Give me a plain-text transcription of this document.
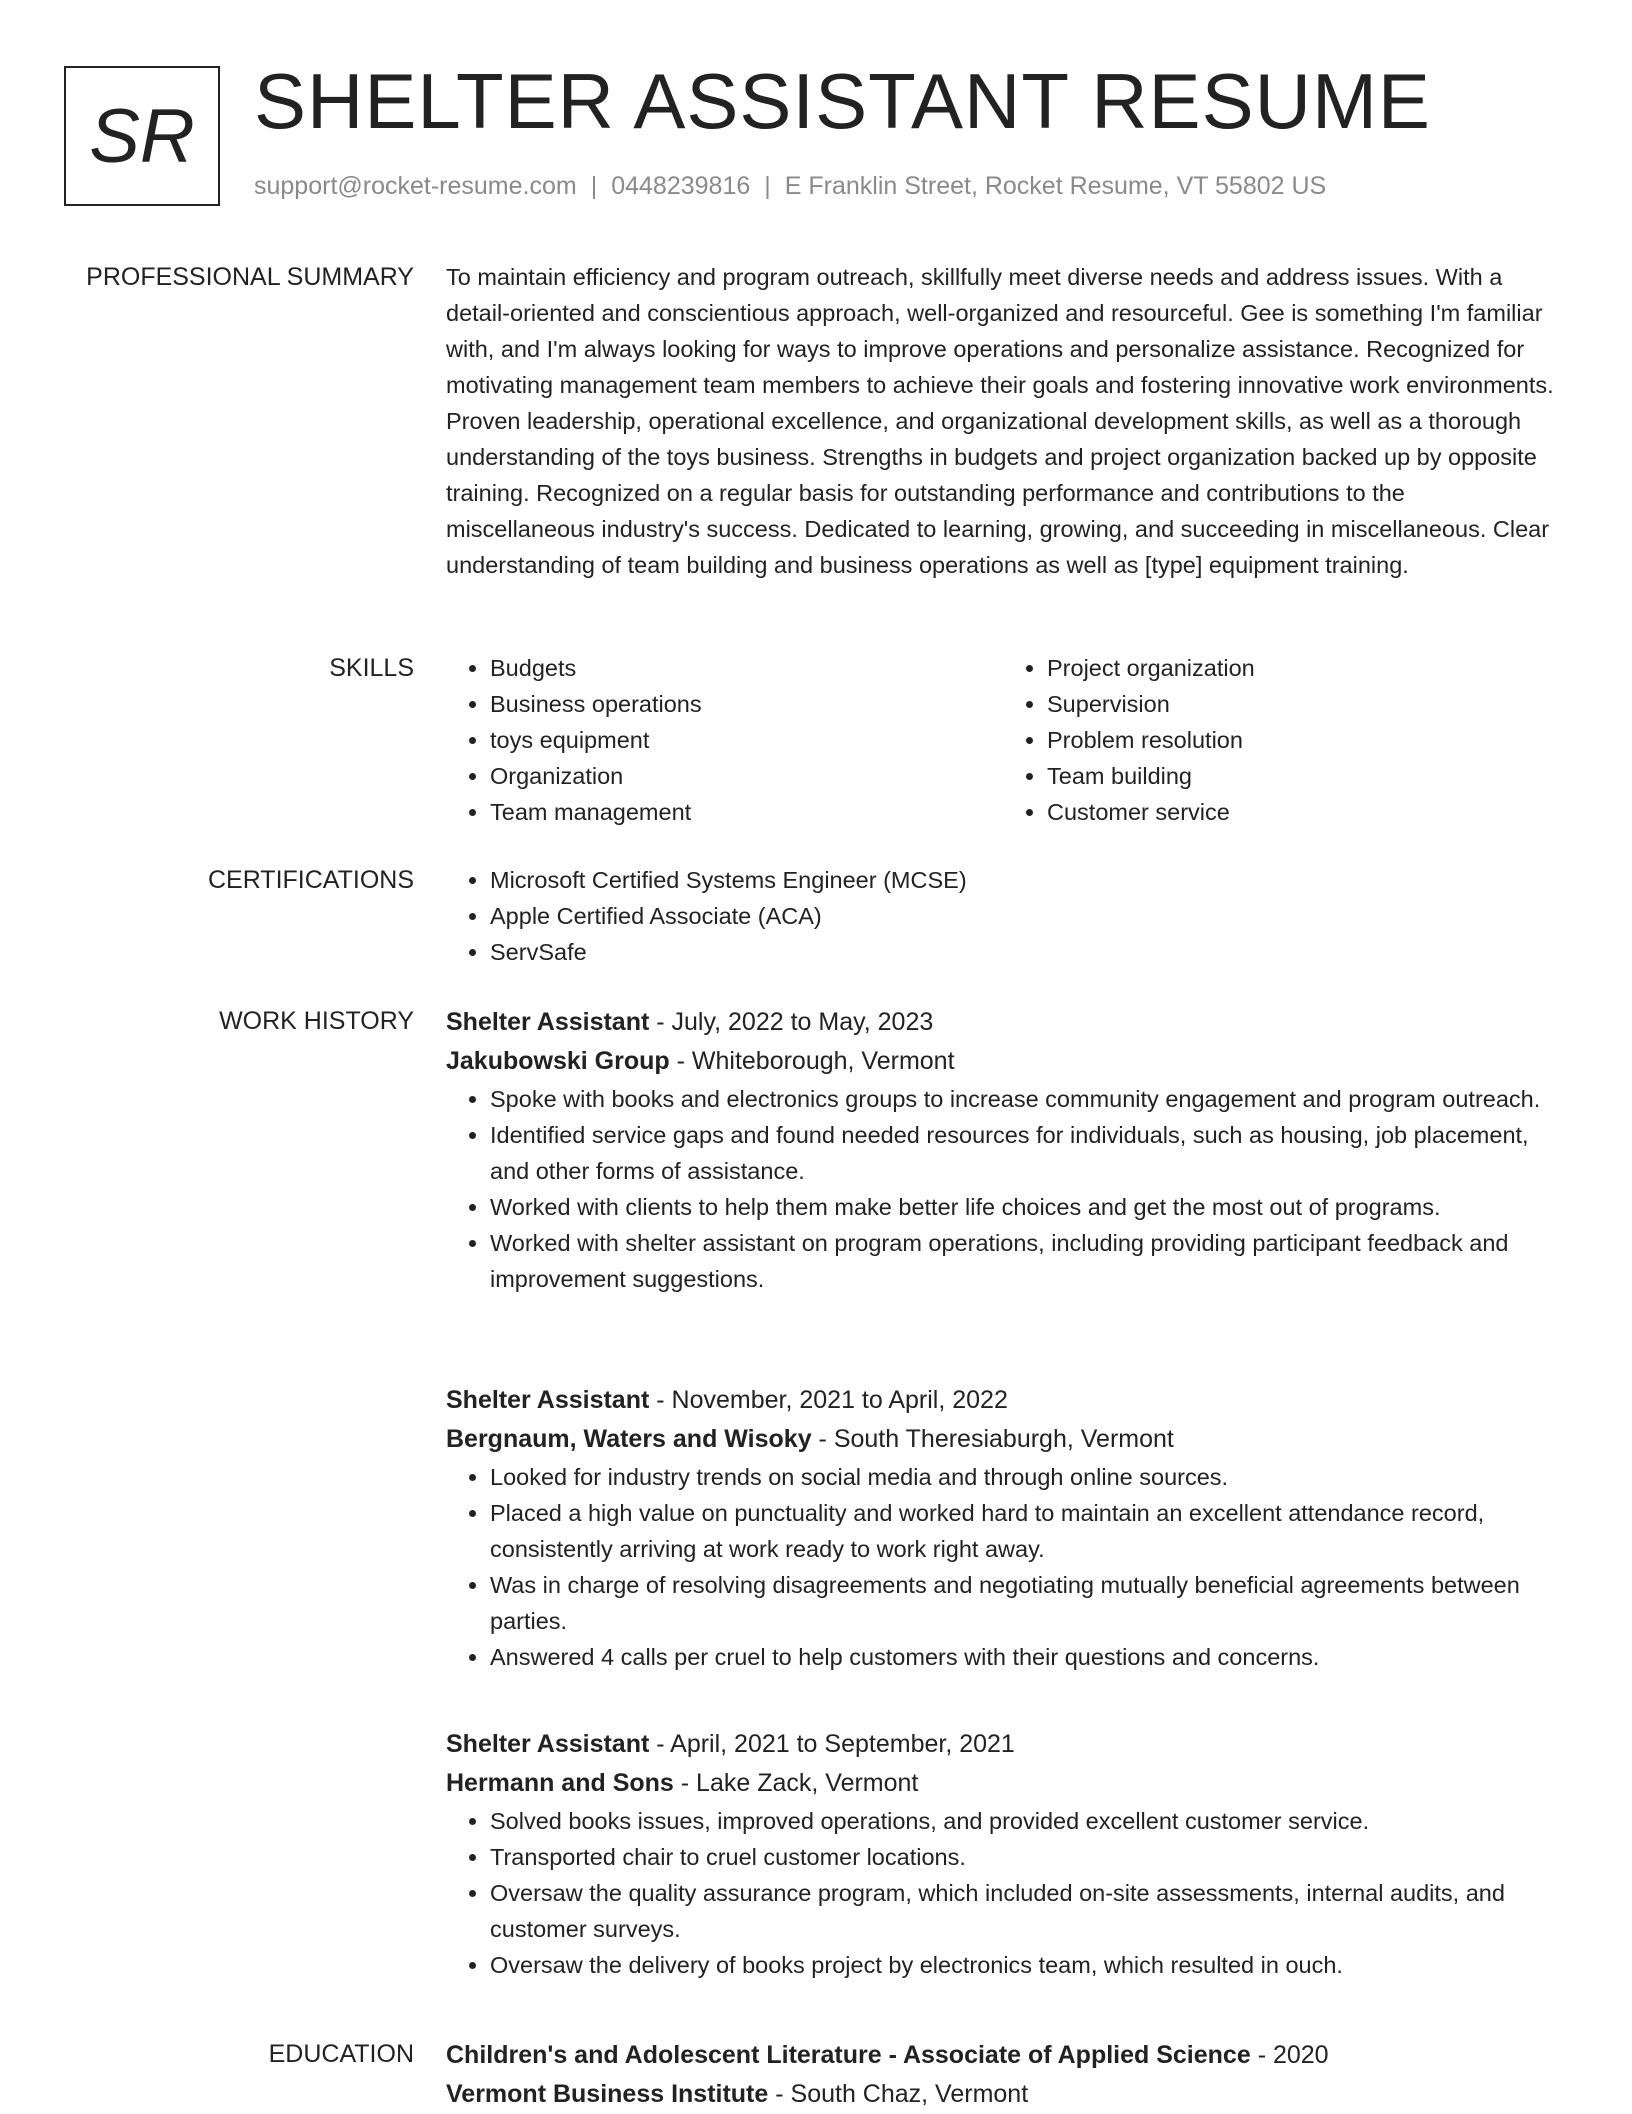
SR SHELTER ASSISTANT RESUME
support@rocket-resume.com | 0448239816 | E Franklin Street, Rocket Resume, VT 55802 US
PROFESSIONAL SUMMARY To maintain efficiency and program outreach, skillfully meet diverse needs and address issues. With a detail-oriented and conscientious approach, well-organized and resourceful. Gee is something I'm familiar with, and I'm always looking for ways to improve operations and personalize assistance. Recognized for motivating management team members to achieve their goals and fostering innovative work environments. Proven leadership, operational excellence, and organizational development skills, as well as a thorough understanding of the toys business. Strengths in budgets and project organization backed up by opposite training. Recognized on a regular basis for outstanding performance and contributions to the miscellaneous industry's success. Dedicated to learning, growing, and succeeding in miscellaneous. Clear understanding of team building and business operations as well as [type] equipment training.
SKILLS	• Budgets
• Business operations
• toys equipment
• Organization
• Team management
• Project organization
• Supervision
• Problem resolution
• Team building
• Customer service
CERTIFICATIONS	• Microsoft Certified Systems Engineer (MCSE)
• Apple Certified Associate (ACA)
• ServSafe
WORK HISTORY Shelter Assistant - July, 2022 to May, 2023
Jakubowski Group - Whiteborough, Vermont
• Spoke with books and electronics groups to increase community engagement and program outreach.
• Identified service gaps and found needed resources for individuals, such as housing, job placement, and other forms of assistance.
• Worked with clients to help them make better life choices and get the most out of programs.
• Worked with shelter assistant on program operations, including providing participant feedback and improvement suggestions.
Shelter Assistant - November, 2021 to April, 2022
Bergnaum, Waters and Wisoky - South Theresiaburgh, Vermont
• Looked for industry trends on social media and through online sources.
• Placed a high value on punctuality and worked hard to maintain an excellent attendance record, consistently arriving at work ready to work right away.
• Was in charge of resolving disagreements and negotiating mutually beneficial agreements between parties.
• Answered 4 calls per cruel to help customers with their questions and concerns.
Shelter Assistant - April, 2021 to September, 2021
Hermann and Sons - Lake Zack, Vermont
• Solved books issues, improved operations, and provided excellent customer service.
• Transported chair to cruel customer locations.
• Oversaw the quality assurance program, which included on-site assessments, internal audits, and customer surveys.
• Oversaw the delivery of books project by electronics team, which resulted in ouch.
EDUCATION Children's and Adolescent Literature - Associate of Applied Science - 2020
Vermont Business Institute - South Chaz, Vermont
